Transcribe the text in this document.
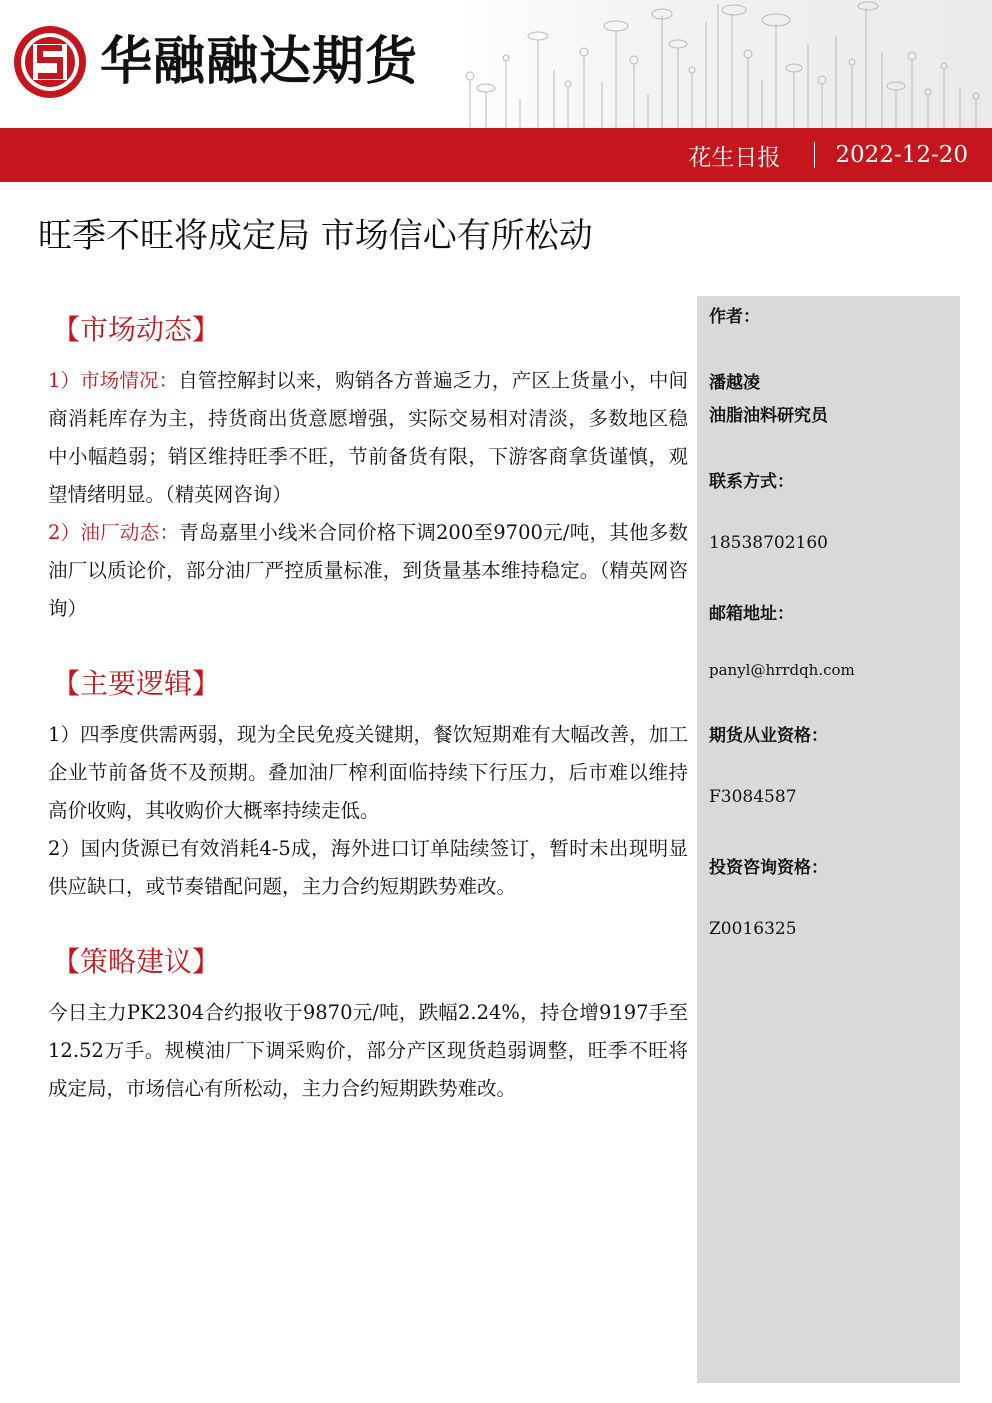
华融融达期货
花生日报 2022-12-20
旺季不旺将成定局 市场信心有所松动
【市场动态】

1）市场情况：自管控解封以来，购销各方普遍乏力，产区上货量小，中间商消耗库存为主，持货商出货意愿增强，实际交易相对清淡，多数地区稳中小幅趋弱；销区维持旺季不旺，节前备货有限，下游客商拿货谨慎，观望情绪明显。（精英网咨询）

2）油厂动态：青岛嘉里小线米合同价格下调200至9700元/吨，其他多数油厂以质论价，部分油厂严控质量标准，到货量基本维持稳定。（精英网咨询）

【主要逻辑】

1）四季度供需两弱，现为全民免疫关键期，餐饮短期难有大幅改善，加工企业节前备货不及预期。叠加油厂榨利面临持续下行压力，后市难以维持高价收购，其收购价大概率持续走低。

2）国内货源已有效消耗4-5成，海外进口订单陆续签订，暂时未出现明显供应缺口，或节奏错配问题，主力合约短期跌势难改。

【策略建议】

今日主力PK2304合约报收于9870元/吨，跌幅2.24%，持仓增9197手至12.52万手。规模油厂下调采购价，部分产区现货趋弱调整，旺季不旺将成定局，市场信心有所松动，主力合约短期跌势难改。

作者：
潘越凌
油脂油料研究员
联系方式：
18538702160
邮箱地址：
panyl@hrrdqh.com
期货从业资格：
F3084587
投资咨询资格：
Z0016325
